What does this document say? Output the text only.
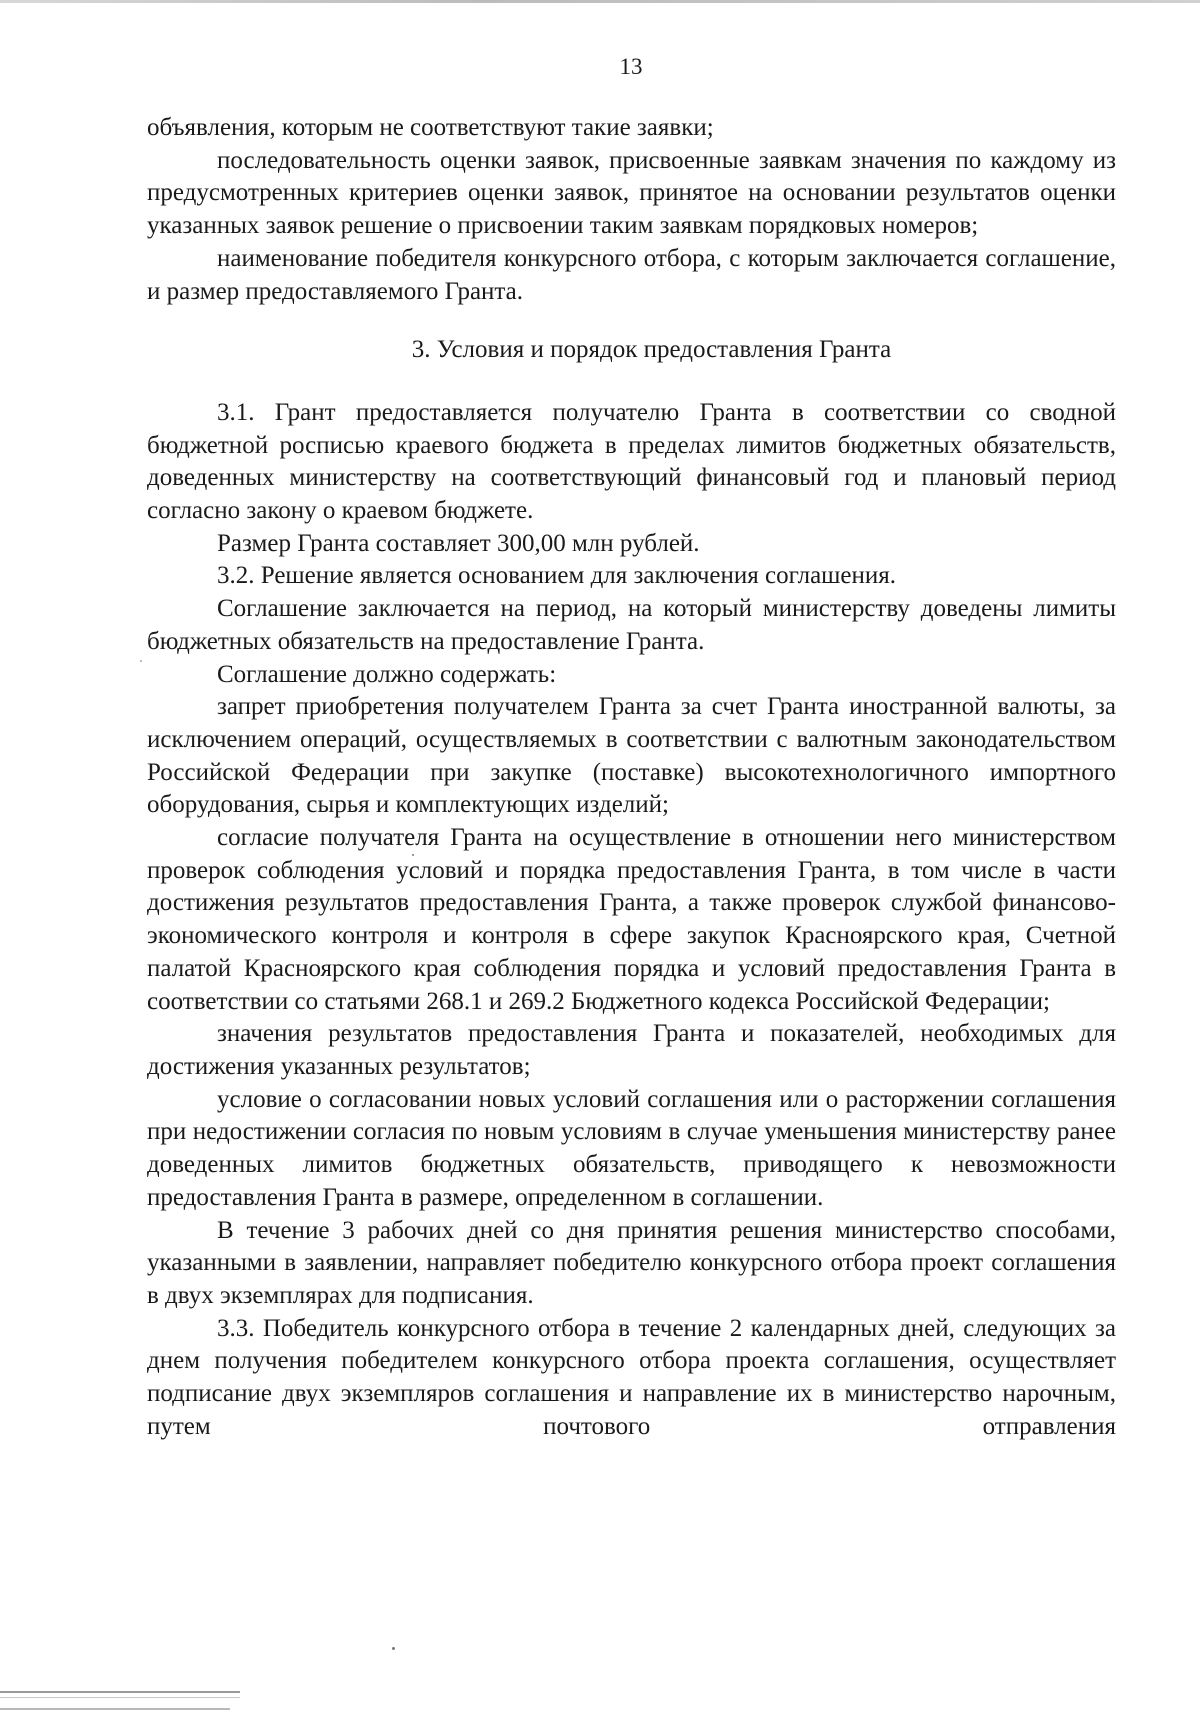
13

объявления, которым не соответствуют такие заявки;

последовательность оценки заявок, присвоенные заявкам значения по каждому из предусмотренных критериев оценки заявок, принятое на основании результатов оценки указанных заявок решение о присвоении таким заявкам порядковых номеров;

наименование победителя конкурсного отбора, с которым заключается соглашение, и размер предоставляемого Гранта.

3. Условия и порядок предоставления Гранта

3.1. Грант предоставляется получателю Гранта в соответствии со сводной бюджетной росписью краевого бюджета в пределах лимитов бюджетных обязательств, доведенных министерству на соответствующий финансовый год и плановый период согласно закону о краевом бюджете.

Размер Гранта составляет 300,00 млн рублей.

3.2. Решение является основанием для заключения соглашения.

Соглашение заключается на период, на который министерству доведены лимиты бюджетных обязательств на предоставление Гранта.

Соглашение должно содержать:

запрет приобретения получателем Гранта за счет Гранта иностранной валюты, за исключением операций, осуществляемых в соответствии с валютным законодательством Российской Федерации при закупке (поставке) высокотехнологичного импортного оборудования, сырья и комплектующих изделий;

согласие получателя Гранта на осуществление в отношении него министерством проверок соблюдения условий и порядка предоставления Гранта, в том числе в части достижения результатов предоставления Гранта, а также проверок службой финансово-экономического контроля и контроля в сфере закупок Красноярского края, Счетной палатой Красноярского края соблюдения порядка и условий предоставления Гранта в соответствии со статьями 268.1 и 269.2 Бюджетного кодекса Российской Федерации;

значения результатов предоставления Гранта и показателей, необходимых для достижения указанных результатов;

условие о согласовании новых условий соглашения или о расторжении соглашения при недостижении согласия по новым условиям в случае уменьшения министерству ранее доведенных лимитов бюджетных обязательств, приводящего к невозможности предоставления Гранта в размере, определенном в соглашении.

В течение 3 рабочих дней со дня принятия решения министерство способами, указанными в заявлении, направляет победителю конкурсного отбора проект соглашения в двух экземплярах для подписания.

3.3. Победитель конкурсного отбора в течение 2 календарных дней, следующих за днем получения победителем конкурсного отбора проекта соглашения, осуществляет подписание двух экземпляров соглашения и направление их в министерство нарочным, путем почтового отправления
